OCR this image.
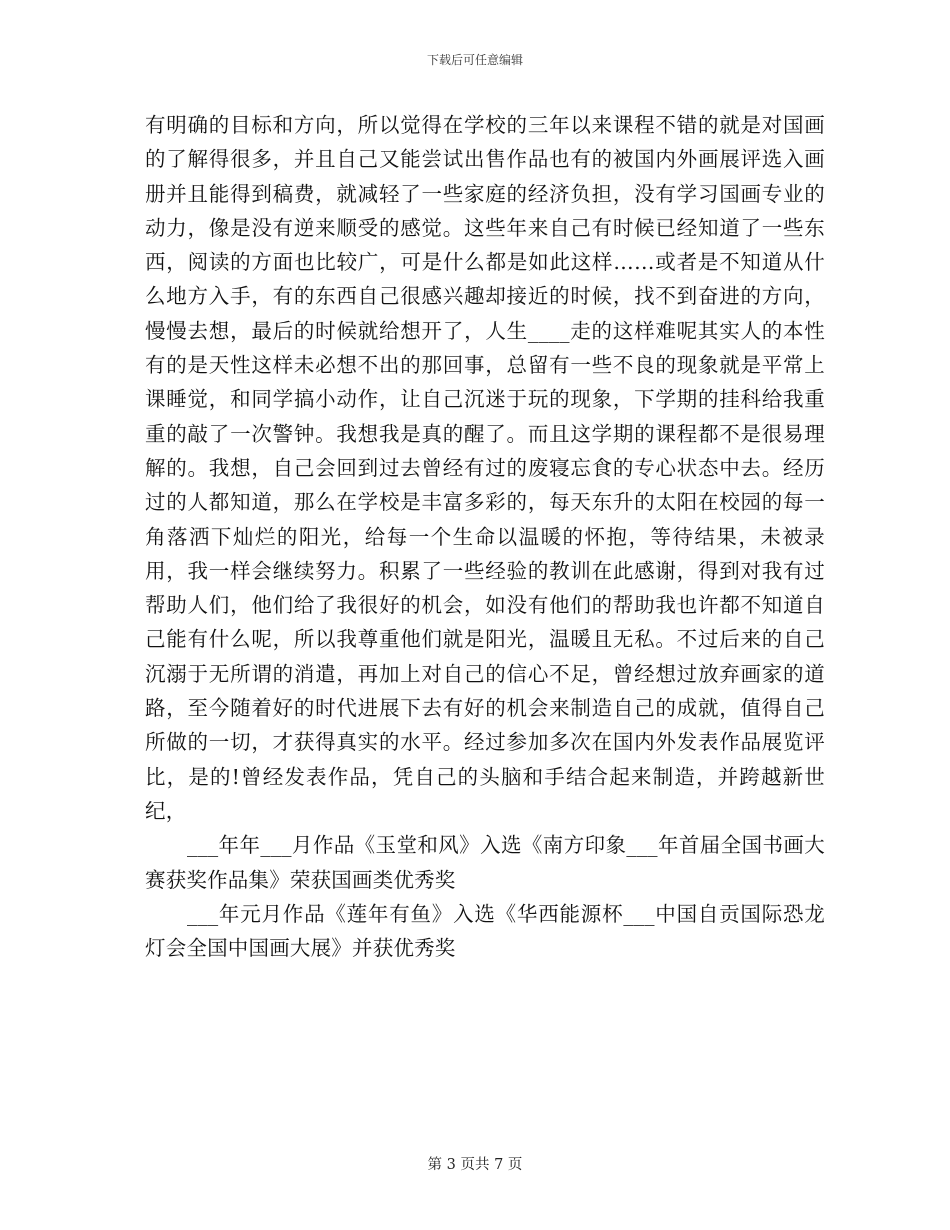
下载后可任意编辑

有明确的目标和方向，所以觉得在学校的三年以来课程不错的就是对国画的了解得很多，并且自己又能尝试出售作品也有的被国内外画展评选入画册并且能得到稿费，就减轻了一些家庭的经济负担，没有学习国画专业的动力，像是没有逆来顺受的感觉。这些年来自己有时候已经知道了一些东西，阅读的方面也比较广，可是什么都是如此这样……或者是不知道从什么地方入手，有的东西自己很感兴趣却接近的时候，找不到奋进的方向，慢慢去想，最后的时候就给想开了，人生____走的这样难呢其实人的本性有的是天性这样未必想不出的那回事，总留有一些不良的现象就是平常上课睡觉，和同学搞小动作，让自己沉迷于玩的现象，下学期的挂科给我重重的敲了一次警钟。我想我是真的醒了。而且这学期的课程都不是很易理解的。我想，自己会回到过去曾经有过的废寝忘食的专心状态中去。经历过的人都知道，那么在学校是丰富多彩的，每天东升的太阳在校园的每一角落洒下灿烂的阳光，给每一个生命以温暖的怀抱，等待结果，未被录用，我一样会继续努力。积累了一些经验的教训在此感谢，得到对我有过帮助人们，他们给了我很好的机会，如没有他们的帮助我也许都不知道自己能有什么呢，所以我尊重他们就是阳光，温暖且无私。不过后来的自己沉溺于无所谓的消遣，再加上对自己的信心不足，曾经想过放弃画家的道路，至今随着好的时代进展下去有好的机会来制造自己的成就，值得自己所做的一切，才获得真实的水平。经过参加多次在国内外发表作品展览评比，是的!曾经发表作品，凭自己的头脑和手结合起来制造，并跨越新世纪，

___年年___月作品《玉堂和风》入选《南方印象___年首届全国书画大赛获奖作品集》荣获国画类优秀奖

___年元月作品《莲年有鱼》入选《华西能源杯___中国自贡国际恐龙灯会全国中国画大展》并获优秀奖

第 3 页共 7 页
